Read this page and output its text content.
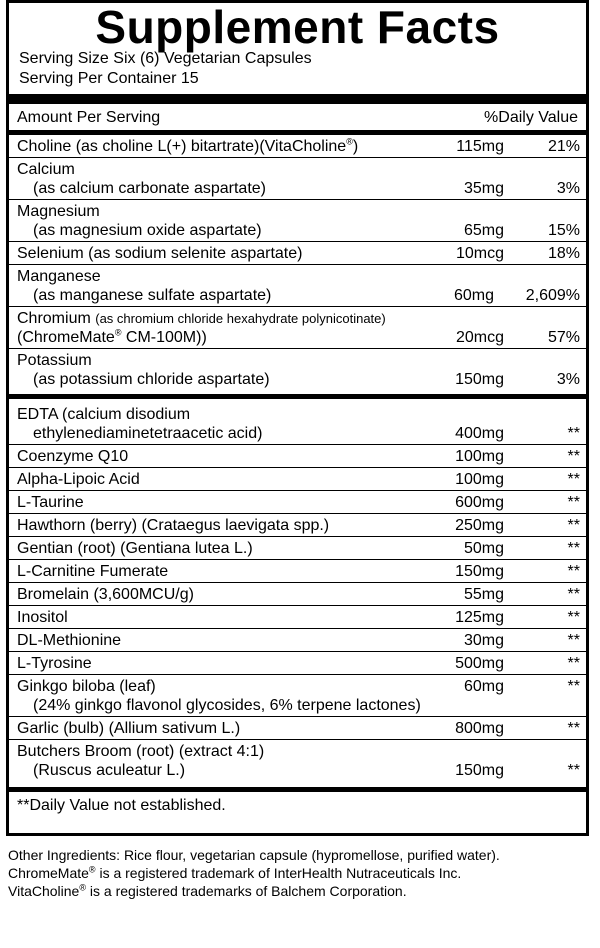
Supplement Facts
Serving Size Six (6) Vegetarian Capsules
Serving Per Container 15
Amount Per Serving	%Daily Value
Choline (as choline L(+) bitartrate)(VitaCholine®)	115mg	21%
Calcium
(as calcium carbonate aspartate)	35mg	3%
Magnesium
(as magnesium oxide aspartate)	65mg	15%
Selenium (as sodium selenite aspartate)	10mcg	18%
Manganese
(as manganese sulfate aspartate)	60mg	2,609%
Chromium (as chromium chloride hexahydrate polynicotinate)
(ChromeMate® CM-100M))	20mcg	57%
Potassium
(as potassium chloride aspartate)	150mg	3%
EDTA (calcium disodium
ethylenediaminetetraacetic acid)	400mg	**
Coenzyme Q10	100mg	**
Alpha-Lipoic Acid	100mg	**
L-Taurine	600mg	**
Hawthorn (berry) (Crataegus laevigata spp.)	250mg	**
Gentian (root) (Gentiana lutea L.)	50mg	**
L-Carnitine Fumerate	150mg	**
Bromelain (3,600MCU/g)	55mg	**
Inositol	125mg	**
DL-Methionine	30mg	**
L-Tyrosine	500mg	**
Ginkgo biloba (leaf)	60mg	**
(24% ginkgo flavonol glycosides, 6% terpene lactones)
Garlic (bulb) (Allium sativum L.)	800mg	**
Butchers Broom (root) (extract 4:1)
(Ruscus aculeatur L.)	150mg	**
**Daily Value not established.

Other Ingredients: Rice flour, vegetarian capsule (hypromellose, purified water).

ChromeMate® is a registered trademark of InterHealth Nutraceuticals Inc.

VitaCholine® is a registered trademarks of Balchem Corporation.
